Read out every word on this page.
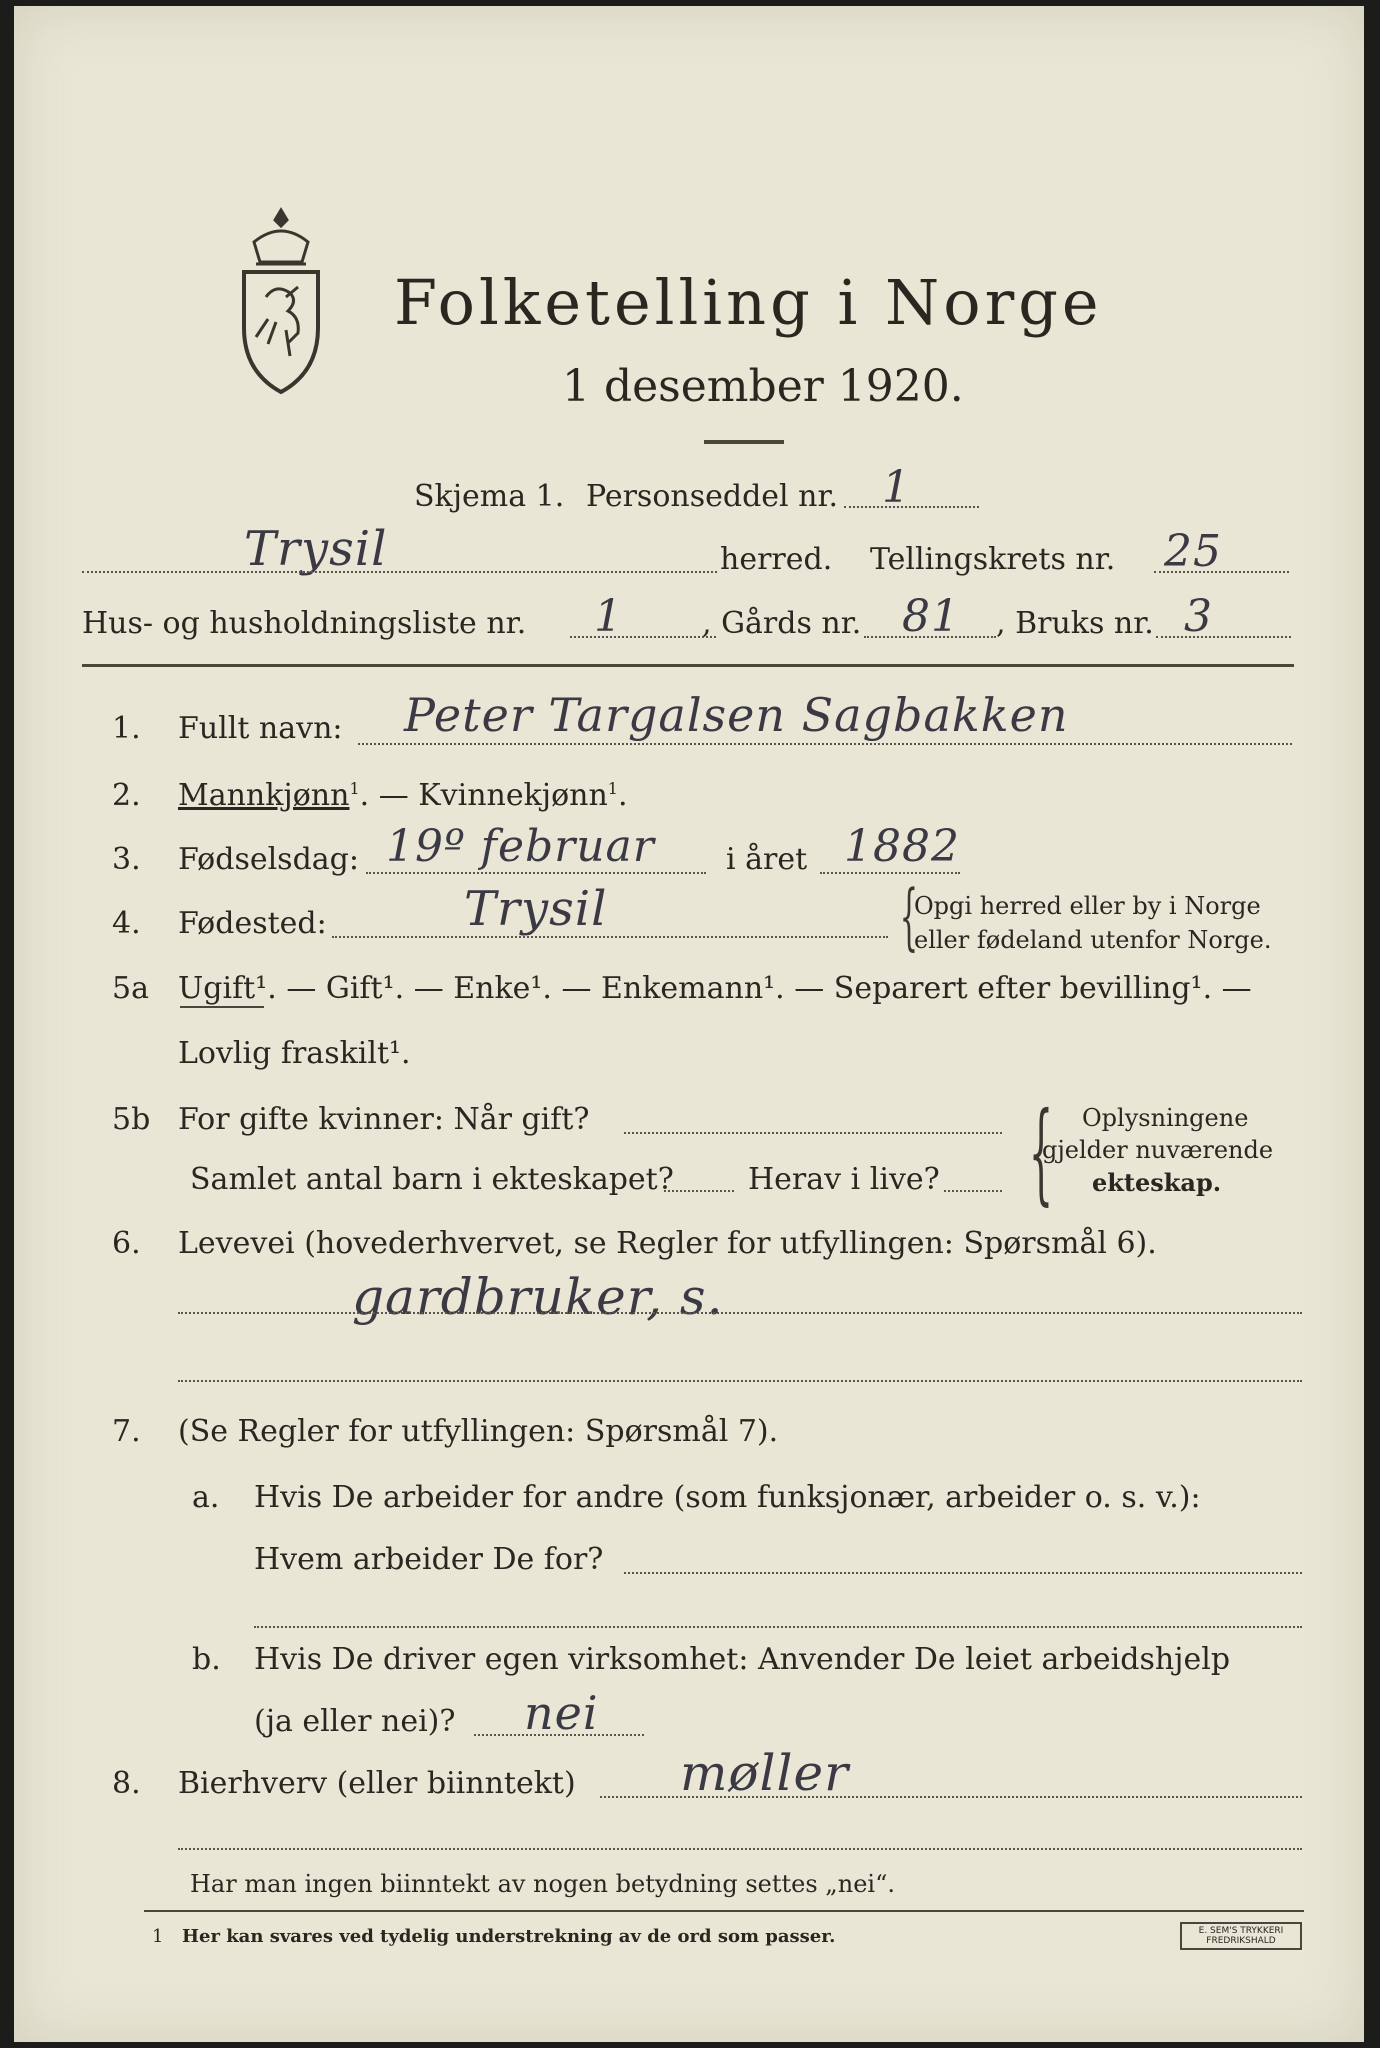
Folketelling i Norge
1 desember 1920.
Skjema 1. Personseddel nr. 1
Trysil	herred. Tellingskrets nr. 25
Hus- og husholdningsliste nr. 1	, Gårds nr. 81 , Bruks nr. 3
1. Fullt navn: Peter Targalsen Sagbakken
2. Mannkjønn$^1$. — Kvinnekjønn$^1$.
3. Fødselsdag: 19º februar i året 1882
4. Fødested:	Trysil	{
Opgi herred eller by i Norge
eller fødeland utenfor Norge.
5a Ugift¹. — Gift¹. — Enke¹. — Enkemann¹. — Separert efter bevilling¹. —
Lovlig fraskilt¹.
5b For gifte kvinner: Når gift?
Samlet antal barn i ekteskapet? Herav i live? { Oplysningene
gjelder nuværende
ekteskap.
6. Levevei (hovederhvervet, se Regler for utfyllingen: Spørsmål 6).
gardbruker, s.
7. (Se Regler for utfyllingen: Spørsmål 7).
a. Hvis De arbeider for andre (som funksjonær, arbeider o. s. v.):
Hvem arbeider De for?
b. Hvis De driver egen virksomhet: Anvender De leiet arbeidshjelp
(ja eller nei)? nei
8. Bierhverv (eller biinntekt) møller
Har man ingen biinntekt av nogen betydning settes „nei“.
1 Her kan svares ved tydelig understrekning av de ord som passer.	E. SEM'S TRYKKERI
FREDRIKSHALD
